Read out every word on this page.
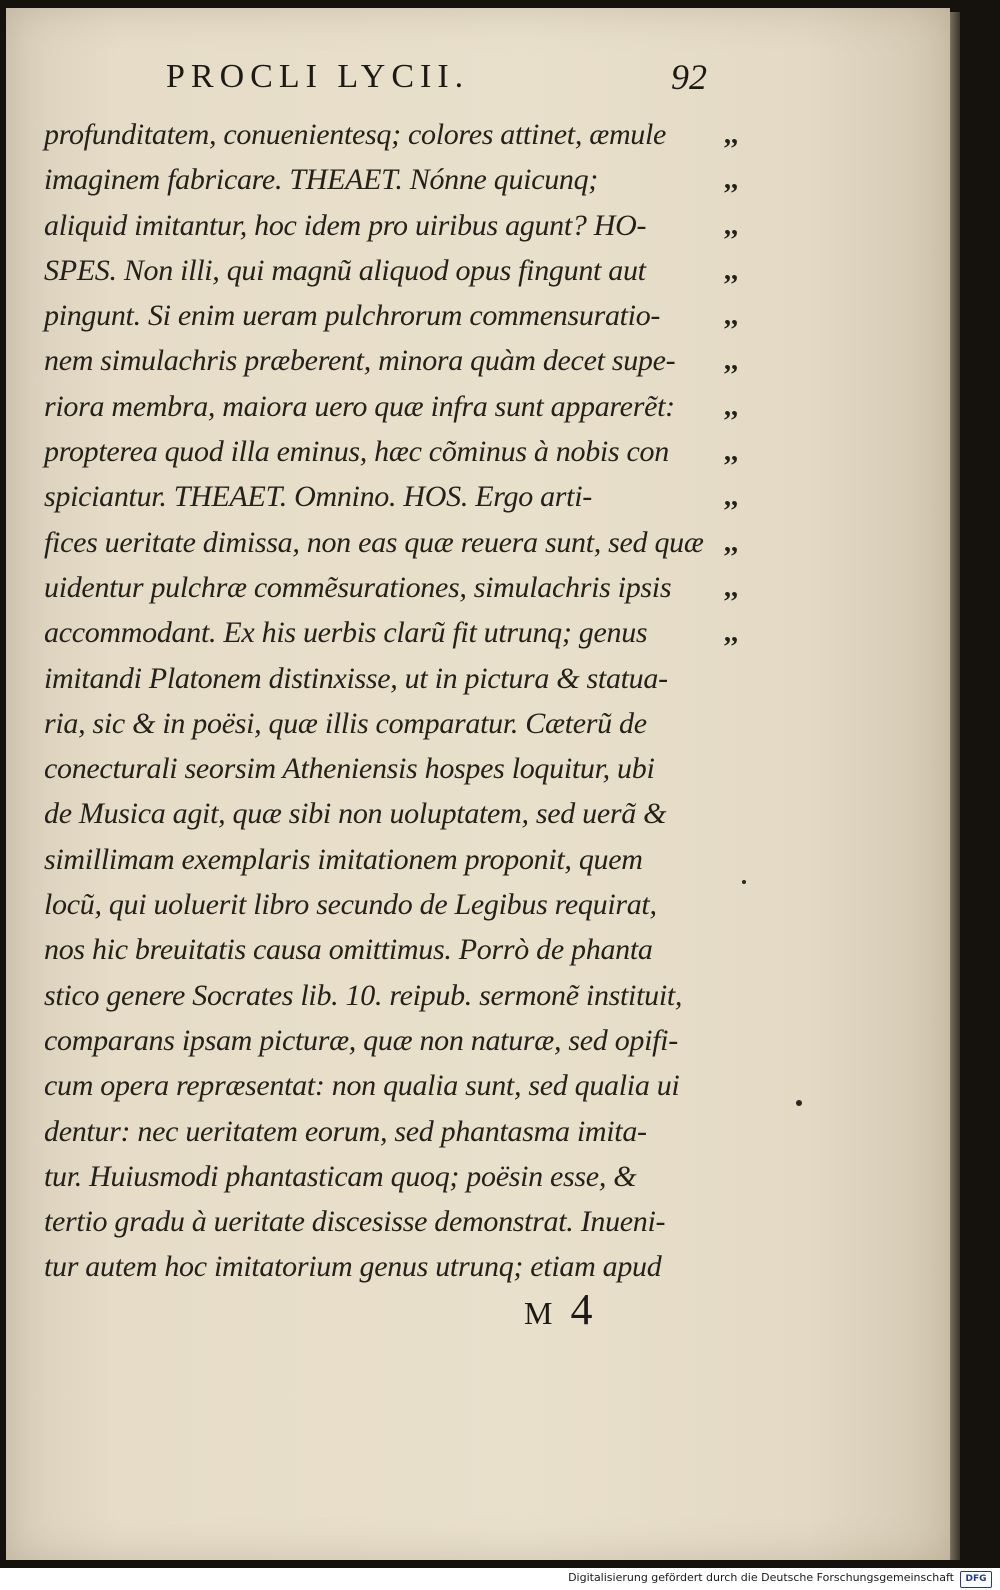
PROCLI LYCII.	92
profunditatem, conuenientesq; colores attinet, æmule
imaginem fabricare. THEAET. Nónne quicunq;
aliquid imitantur, hoc idem pro uiribus agunt? HO-
SPES. Non illi, qui magnũ aliquod opus fingunt aut
pingunt. Si enim ueram pulchrorum commensuratio-
nem simulachris præberent, minora quàm decet supe-
riora membra, maiora uero quæ infra sunt apparerẽt:
propterea quod illa eminus, hæc cõminus à nobis con
spiciantur. THEAET. Omnino. HOS. Ergo arti-
fices ueritate dimissa, non eas quæ reuera sunt, sed quæ
uidentur pulchræ commẽsurationes, simulachris ipsis
accommodant. Ex his uerbis clarũ fit utrunq; genus
imitandi Platonem distinxisse, ut in pictura & statua-
ria, sic & in poësi, quæ illis comparatur. Cæterũ de
conecturali seorsim Atheniensis hospes loquitur, ubi
de Musica agit, quæ sibi non uoluptatem, sed uerã &
simillimam exemplaris imitationem proponit, quem
locũ, qui uoluerit libro secundo de Legibus requirat,
nos hic breuitatis causa omittimus. Porrò de phanta
stico genere Socrates lib. 10. reipub. sermonẽ instituit,
comparans ipsam picturæ, quæ non naturæ, sed opifi-
cum opera repræsentat: non qualia sunt, sed qualia ui
dentur: nec ueritatem eorum, sed phantasma imita-
tur. Huiusmodi phantasticam quoq; poësin esse, &
tertio gradu à ueritate discesisse demonstrat. Inueni-
tur autem hoc imitatorium genus utrunq; etiam apud
,,
,,
,,
,,
,,
,,
,,
,,
,,
,,
,,
,,
M 4
Digitalisierung gefördert durch die Deutsche Forschungsgemeinschaft	DFG
